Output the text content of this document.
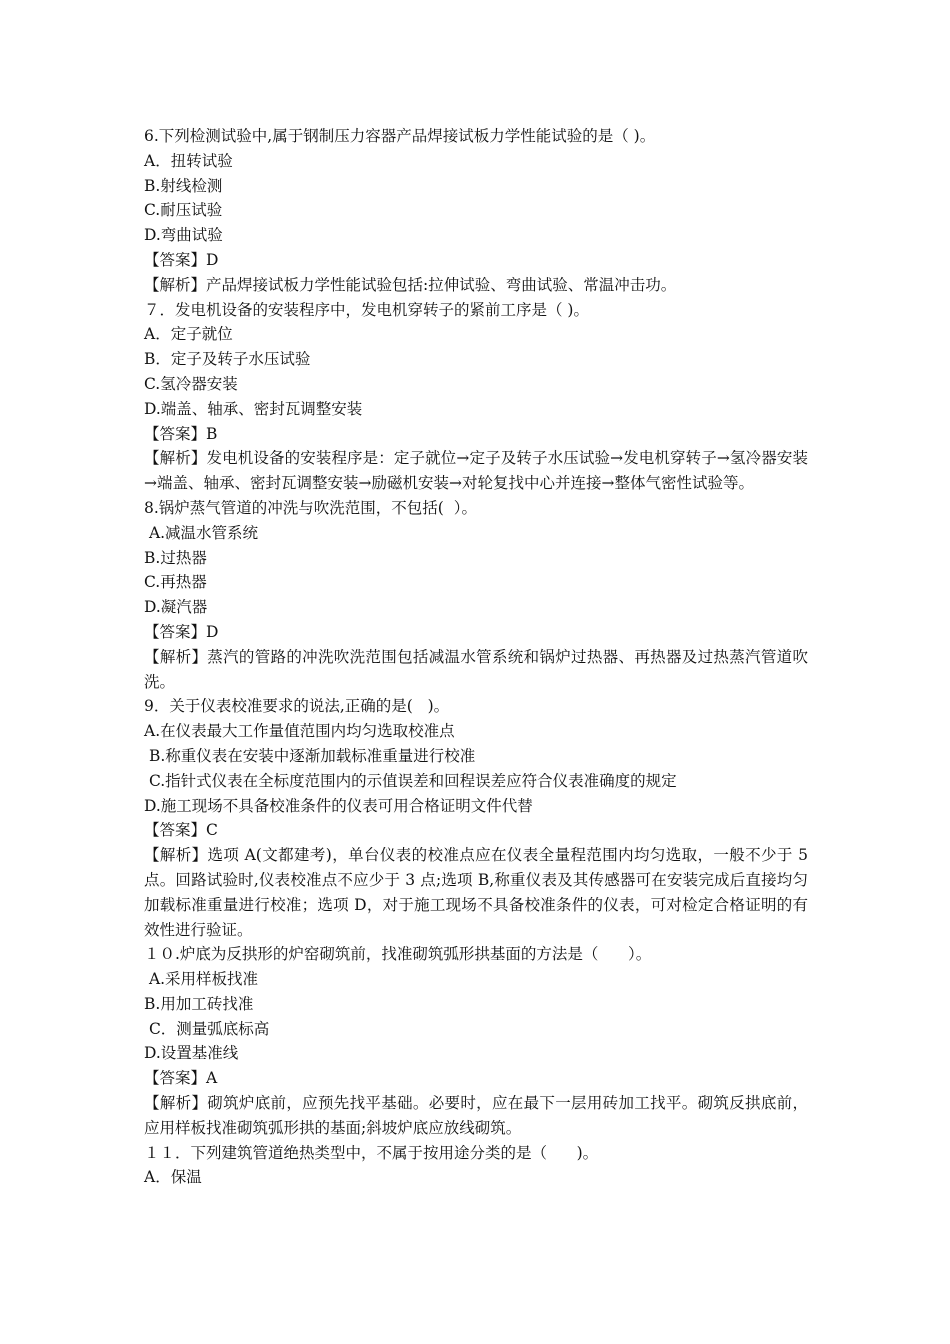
6.下列检测试验中,属于钢制压力容器产品焊接试板力学性能试验的是（ )。

A．扭转试验

B.射线检测

C.耐压试验

D.弯曲试验

【答案】D

【解析】产品焊接试板力学性能试验包括:拉伸试验、弯曲试验、常温冲击功。

７．发电机设备的安装程序中，发电机穿转子的紧前工序是（ )。

A．定子就位

B．定子及转子水压试验

C.氢冷器安装

D.端盖、轴承、密封瓦调整安装

【答案】B

【解析】发电机设备的安装程序是：定子就位→定子及转子水压试验→发电机穿转子→氢冷器安装→端盖、轴承、密封瓦调整安装→励磁机安装→对轮复找中心并连接→整体气密性试验等。

8.锅炉蒸气管道的冲洗与吹洗范围，不包括(  ）。

A.减温水管系统

B.过热器

C.再热器

D.凝汽器

【答案】D

【解析】蒸汽的管路的冲洗吹洗范围包括减温水管系统和锅炉过热器、再热器及过热蒸汽管道吹洗。

9．关于仪表校准要求的说法,正确的是(   )。

A.在仪表最大工作量值范围内均匀选取校准点

B.称重仪表在安装中逐渐加载标准重量进行校准

C.指针式仪表在全标度范围内的示值误差和回程误差应符合仪表准确度的规定

D.施工现场不具备校准条件的仪表可用合格证明文件代替

【答案】C

【解析】选项 A(文都建考)，单台仪表的校准点应在仪表全量程范围内均匀选取，一般不少于 5 点。回路试验时,仪表校准点不应少于 3 点;选项 B,称重仪表及其传感器可在安装完成后直接均匀加载标准重量进行校准；选项 D，对于施工现场不具备校准条件的仪表，可对检定合格证明的有效性进行验证。

１０.炉底为反拱形的炉窑砌筑前，找准砌筑弧形拱基面的方法是（      ）。

A.采用样板找准

B.用加工砖找准

C．测量弧底标高

D.设置基准线

【答案】A

【解析】砌筑炉底前，应预先找平基础。必要时，应在最下一层用砖加工找平。砌筑反拱底前，应用样板找准砌筑弧形拱的基面;斜坡炉底应放线砌筑。

１１．下列建筑管道绝热类型中，不属于按用途分类的是（      )。

A．保温
